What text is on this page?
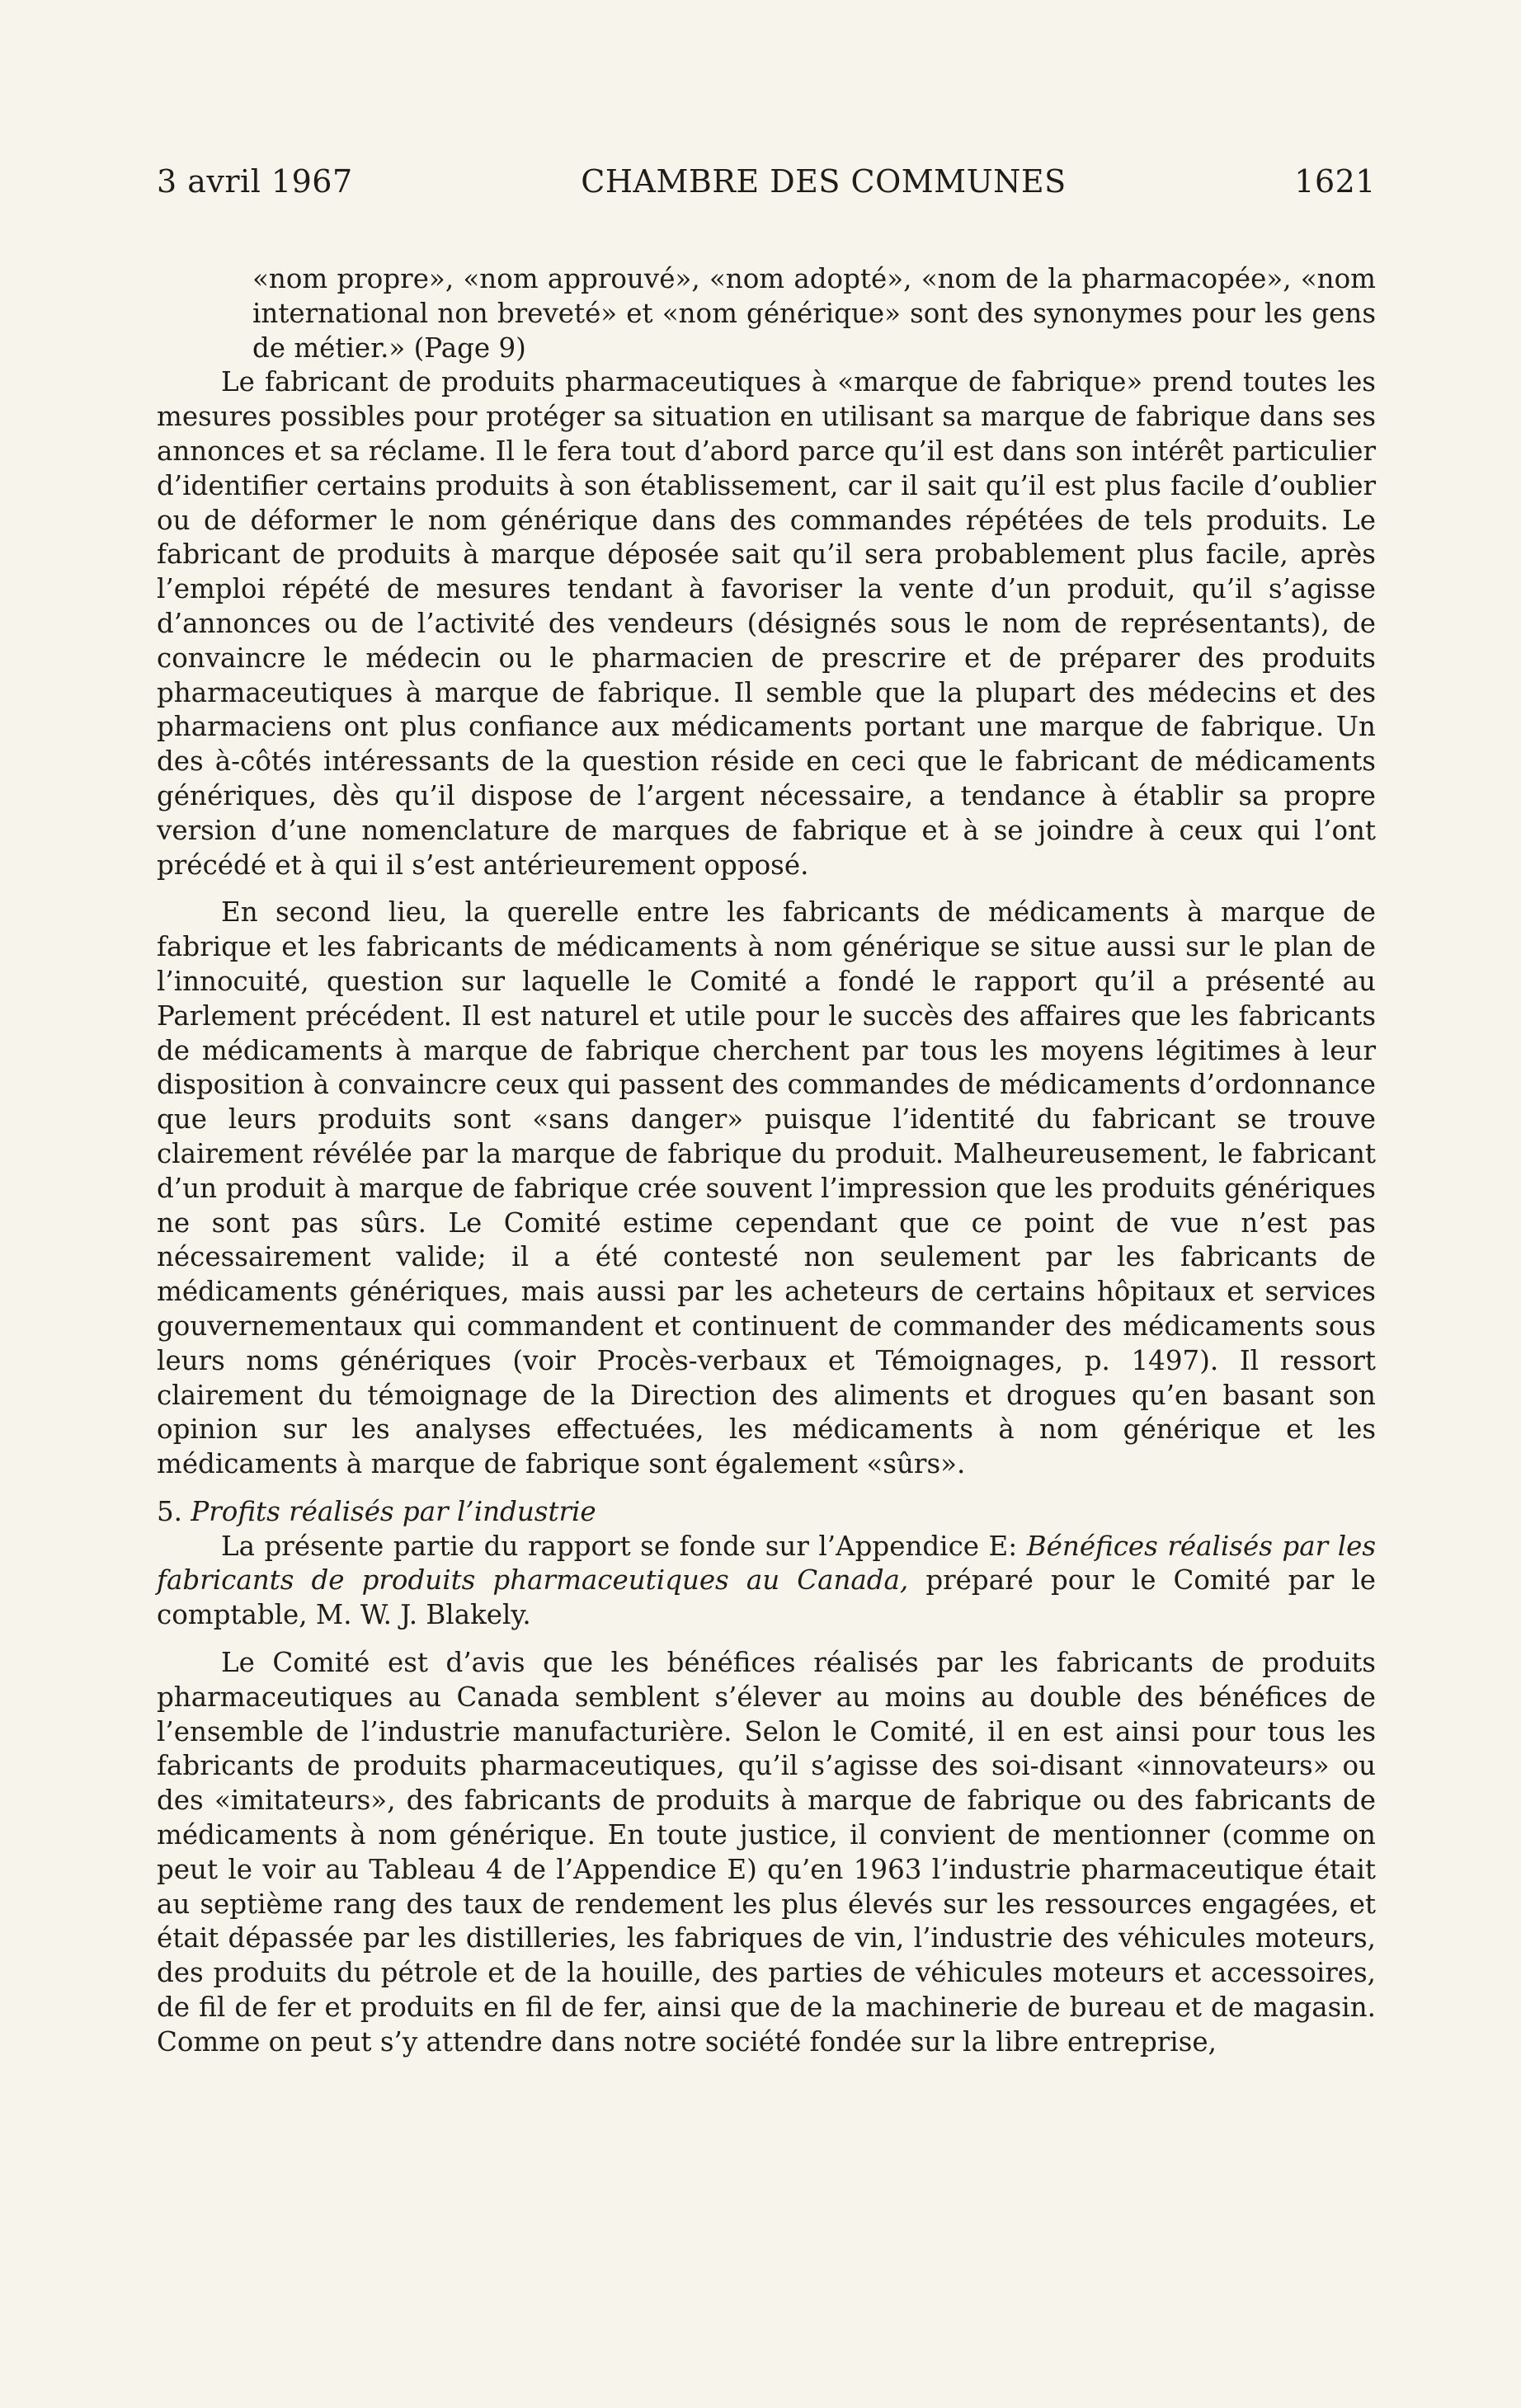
3 avril 1967	CHAMBRE DES COMMUNES	1621

«nom propre», «nom approuvé», «nom adopté», «nom de la pharmacopée», «nom international non breveté» et «nom générique» sont des synonymes pour les gens de métier.» (Page 9)

Le fabricant de produits pharmaceutiques à «marque de fabrique» prend toutes les mesures possibles pour protéger sa situation en utilisant sa marque de fabrique dans ses annonces et sa réclame. Il le fera tout d’abord parce qu’il est dans son intérêt particulier d’identifier certains produits à son établissement, car il sait qu’il est plus facile d’oublier ou de déformer le nom générique dans des commandes répétées de tels produits. Le fabricant de produits à marque déposée sait qu’il sera probablement plus facile, après l’emploi répété de mesures tendant à favoriser la vente d’un produit, qu’il s’agisse d’annonces ou de l’activité des vendeurs (désignés sous le nom de représentants), de convaincre le médecin ou le pharmacien de prescrire et de préparer des produits pharmaceutiques à marque de fabrique. Il semble que la plupart des médecins et des pharmaciens ont plus confiance aux médicaments portant une marque de fabrique. Un des à-côtés intéressants de la question réside en ceci que le fabricant de médicaments génériques, dès qu’il dispose de l’argent nécessaire, a tendance à établir sa propre version d’une nomenclature de marques de fabrique et à se joindre à ceux qui l’ont précédé et à qui il s’est antérieurement opposé.

En second lieu, la querelle entre les fabricants de médicaments à marque de fabrique et les fabricants de médicaments à nom générique se situe aussi sur le plan de l’innocuité, question sur laquelle le Comité a fondé le rapport qu’il a présenté au Parlement précédent. Il est naturel et utile pour le succès des affaires que les fabricants de médicaments à marque de fabrique cherchent par tous les moyens légitimes à leur disposition à convaincre ceux qui passent des commandes de médicaments d’ordonnance que leurs produits sont «sans danger» puisque l’identité du fabricant se trouve clairement révélée par la marque de fabrique du produit. Malheureusement, le fabricant d’un produit à marque de fabrique crée souvent l’impression que les produits génériques ne sont pas sûrs. Le Comité estime cependant que ce point de vue n’est pas nécessairement valide; il a été contesté non seulement par les fabricants de médicaments génériques, mais aussi par les acheteurs de certains hôpitaux et services gouvernementaux qui commandent et continuent de commander des médicaments sous leurs noms génériques (voir Procès-verbaux et Témoignages, p. 1497). Il ressort clairement du témoignage de la Direction des aliments et drogues qu’en basant son opinion sur les analyses effectuées, les médicaments à nom générique et les médicaments à marque de fabrique sont également «sûrs».

5. Profits réalisés par l’industrie

La présente partie du rapport se fonde sur l’Appendice E: Bénéfices réalisés par les fabricants de produits pharmaceutiques au Canada, préparé pour le Comité par le comptable, M. W. J. Blakely.

Le Comité est d’avis que les bénéfices réalisés par les fabricants de produits pharmaceutiques au Canada semblent s’élever au moins au double des bénéfices de l’ensemble de l’industrie manufacturière. Selon le Comité, il en est ainsi pour tous les fabricants de produits pharmaceutiques, qu’il s’agisse des soi-disant «innovateurs» ou des «imitateurs», des fabricants de produits à marque de fabrique ou des fabricants de médicaments à nom générique. En toute justice, il convient de mentionner (comme on peut le voir au Tableau 4 de l’Appendice E) qu’en 1963 l’industrie pharmaceutique était au septième rang des taux de rendement les plus élevés sur les ressources engagées, et était dépassée par les distilleries, les fabriques de vin, l’industrie des véhicules moteurs, des produits du pétrole et de la houille, des parties de véhicules moteurs et accessoires, de fil de fer et produits en fil de fer, ainsi que de la machinerie de bureau et de magasin. Comme on peut s’y attendre dans notre société fondée sur la libre entreprise,
